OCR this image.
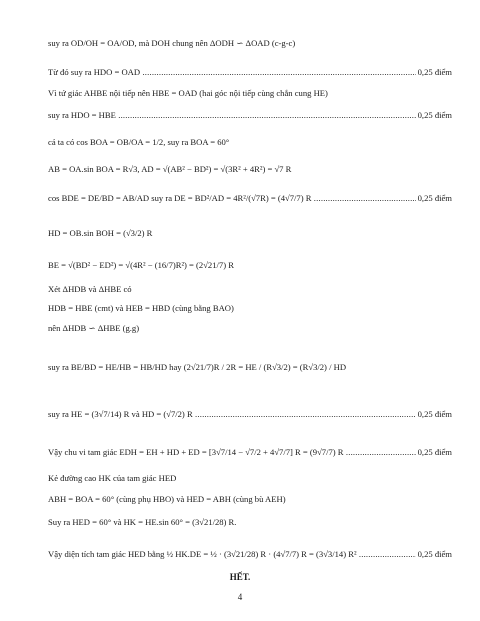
suy ra OD/OH = OA/OD, mà DOH chung nên ΔODH ∽ ΔOAD (c-g-c)
Từ đó suy ra HDO = OAD .....	0,25 điểm
Vì tứ giác AHBE nội tiếp nên HBE = OAD (hai góc nội tiếp cùng chắn cung HE)
suy ra HDO = HBE .....	0,25 điểm
cả ta có cos BOA = OB/OA = 1/2, suy ra BOA = 60°
AB = OA.sin BOA = R√3, AD = √(AB² − BD²) = √(3R² + 4R²) = √7 R
cos BDE = DE/BD = AB/AD suy ra DE = BD²/AD = 4R²/(√7R) = (4√7/7) R .....	0,25 điểm
HD = OB.sin BOH = (√3/2) R
BE = √(BD² − ED²) = √(4R² − (16/7)R²) = (2√21/7) R
Xét ΔHDB và ΔHBE có
HDB = HBE (cmt) và HEB = HBD (cùng bằng BAO)
nên ΔHDB ∽ ΔHBE (g.g)
suy ra BE/BD = HE/HB = HB/HD hay (2√21/7)R / 2R = HE / (R√3/2) = (R√3/2) / HD
suy ra HE = (3√7/14) R và HD = (√7/2) R .....	0,25 điểm
Vậy chu vi tam giác EDH = EH + HD + ED = [3√7/14 − √7/2 + 4√7/7] R = (9√7/7) R .....	0,25 điểm
Kẻ đường cao HK của tam giác HED
ABH = BOA = 60° (cùng phụ HBO) và HED = ABH (cùng bù AEH)
Suy ra HED = 60° và HK = HE.sin 60° = (3√21/28) R.
Vậy diện tích tam giác HED bằng ½ HK.DE = ½ · (3√21/28) R · (4√7/7) R = (3√3/14) R² .....	0,25 điểm
HẾT.
4
